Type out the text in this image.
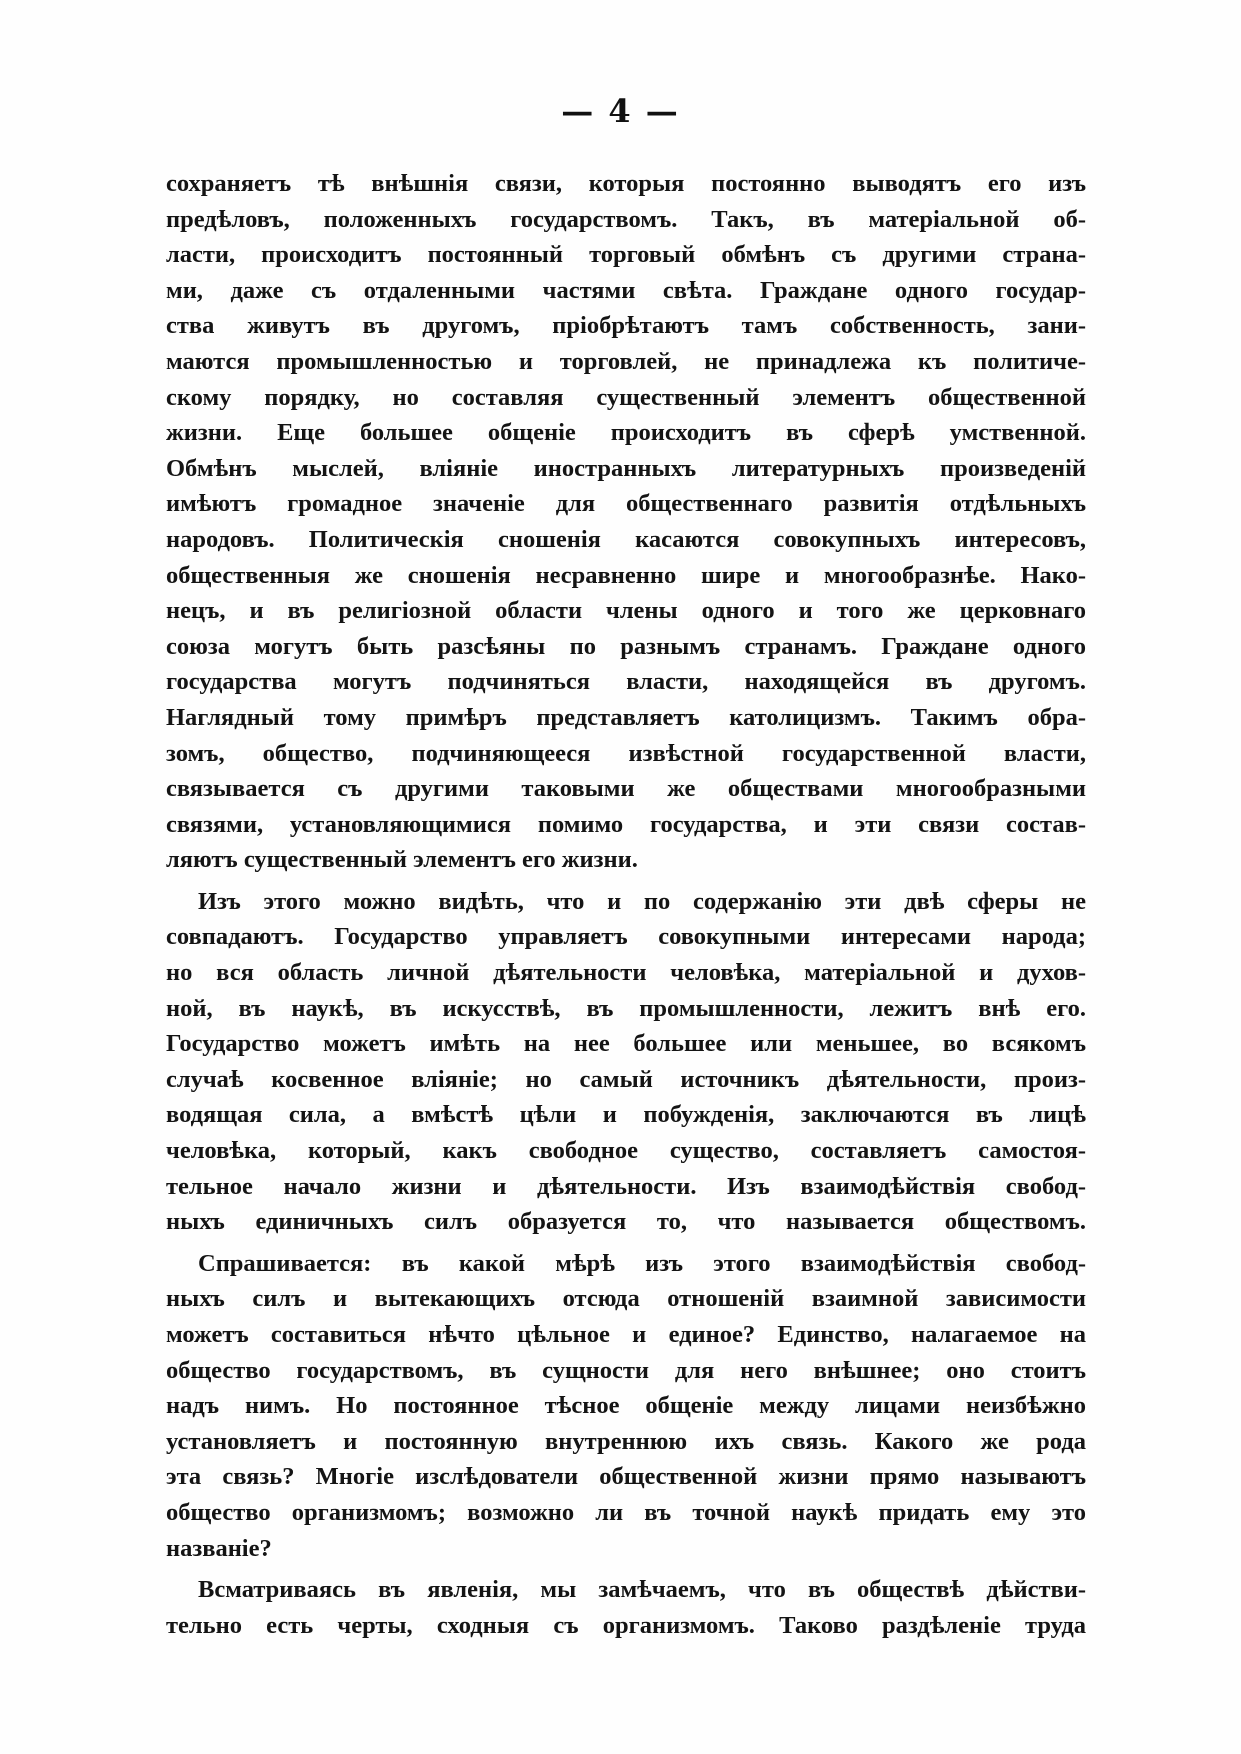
— 4 —
сохраняетъ тѣ внѣшнія связи, которыя постоянно выводятъ его изъ
предѣловъ, положенныхъ государствомъ. Такъ, въ матеріальной об-
ласти, происходитъ постоянный торговый обмѣнъ съ другими страна-
ми, даже съ отдаленными частями свѣта. Граждане одного государ-
ства живутъ въ другомъ, пріобрѣтаютъ тамъ собственность, зани-
маются промышленностью и торговлей, не принадлежа къ политиче-
скому порядку, но составляя существенный элементъ общественной
жизни. Еще большее общеніе происходитъ въ сферѣ умственной.
Обмѣнъ мыслей, вліяніе иностранныхъ литературныхъ произведеній
имѣютъ громадное значеніе для общественнаго развитія отдѣльныхъ
народовъ. Политическія сношенія касаются совокупныхъ интересовъ,
общественныя же сношенія несравненно шире и многообразнѣе. Нако-
нецъ, и въ религіозной области члены одного и того же церковнаго
союза могутъ быть разсѣяны по разнымъ странамъ. Граждане одного
государства могутъ подчиняться власти, находящейся въ другомъ.
Наглядный тому примѣръ представляетъ католицизмъ. Такимъ обра-
зомъ, общество, подчиняющееся извѣстной государственной власти,
связывается съ другими таковыми же обществами многообразными
связями, установляющимися помимо государства, и эти связи состав-
ляютъ существенный элементъ его жизни.
Изъ этого можно видѣть, что и по содержанію эти двѣ сферы не
совпадаютъ. Государство управляетъ совокупными интересами народа;
но вся область личной дѣятельности человѣка, матеріальной и духов-
ной, въ наукѣ, въ искусствѣ, въ промышленности, лежитъ внѣ его.
Государство можетъ имѣть на нее большее или меньшее, во всякомъ
случаѣ косвенное вліяніе; но самый источникъ дѣятельности, произ-
водящая сила, а вмѣстѣ цѣли и побужденія, заключаются въ лицѣ
человѣка, который, какъ свободное существо, составляетъ самостоя-
тельное начало жизни и дѣятельности. Изъ взаимодѣйствія свобод-
ныхъ единичныхъ силъ образуется то, что называется обществомъ.
Спрашивается: въ какой мѣрѣ изъ этого взаимодѣйствія свобод-
ныхъ силъ и вытекающихъ отсюда отношеній взаимной зависимости
можетъ составиться нѣчто цѣльное и единое? Единство, налагаемое на
общество государствомъ, въ сущности для него внѣшнее; оно стоитъ
надъ нимъ. Но постоянное тѣсное общеніе между лицами неизбѣжно
установляетъ и постоянную внутреннюю ихъ связь. Какого же рода
эта связь? Многіе изслѣдователи общественной жизни прямо называютъ
общество организмомъ; возможно ли въ точной наукѣ придать ему это
названіе?
Всматриваясь въ явленія, мы замѣчаемъ, что въ обществѣ дѣйстви-
тельно есть черты, сходныя съ организмомъ. Таково раздѣленіе труда
